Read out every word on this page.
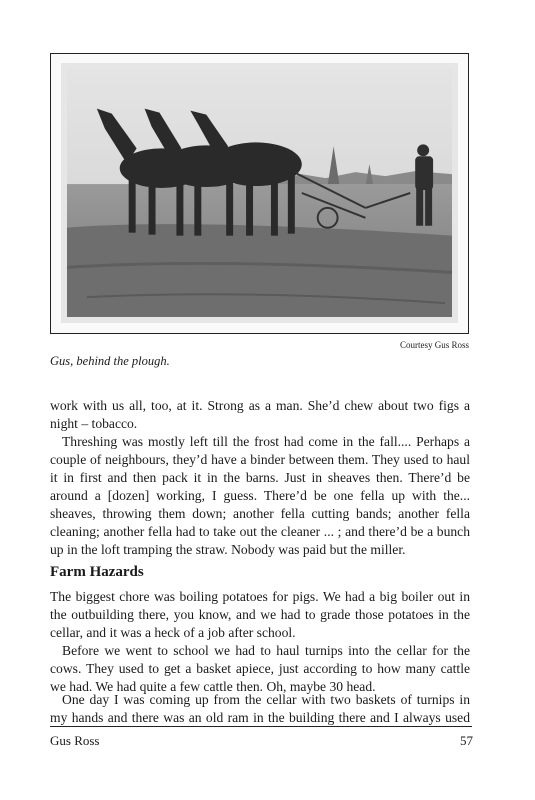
Courtesy Gus Ross
Gus, behind the plough.

work with us all, too, at it. Strong as a man. She’d chew about two figs a night – tobacco.

Threshing was mostly left till the frost had come in the fall.... Perhaps a couple of neighbours, they’d have a binder between them. They used to haul it in first and then pack it in the barns. Just in sheaves then. There’d be around a [dozen] working, I guess. There’d be one fella up with the... sheaves, throwing them down; another fella cutting bands; another fella cleaning; another fella had to take out the cleaner ... ; and there’d be a bunch up in the loft tramping the straw. Nobody was paid but the miller.

Farm Hazards

The biggest chore was boiling potatoes for pigs. We had a big boiler out in the outbuilding there, you know, and we had to grade those potatoes in the cellar, and it was a heck of a job after school.

Before we went to school we had to haul turnips into the cellar for the cows. They used to get a basket apiece, just according to how many cattle we had. We had quite a few cattle then. Oh, maybe 30 head.

One day I was coming up from the cellar with two baskets of turnips in my hands and there was an old ram in the building there and I always used

Gus Ross	57
